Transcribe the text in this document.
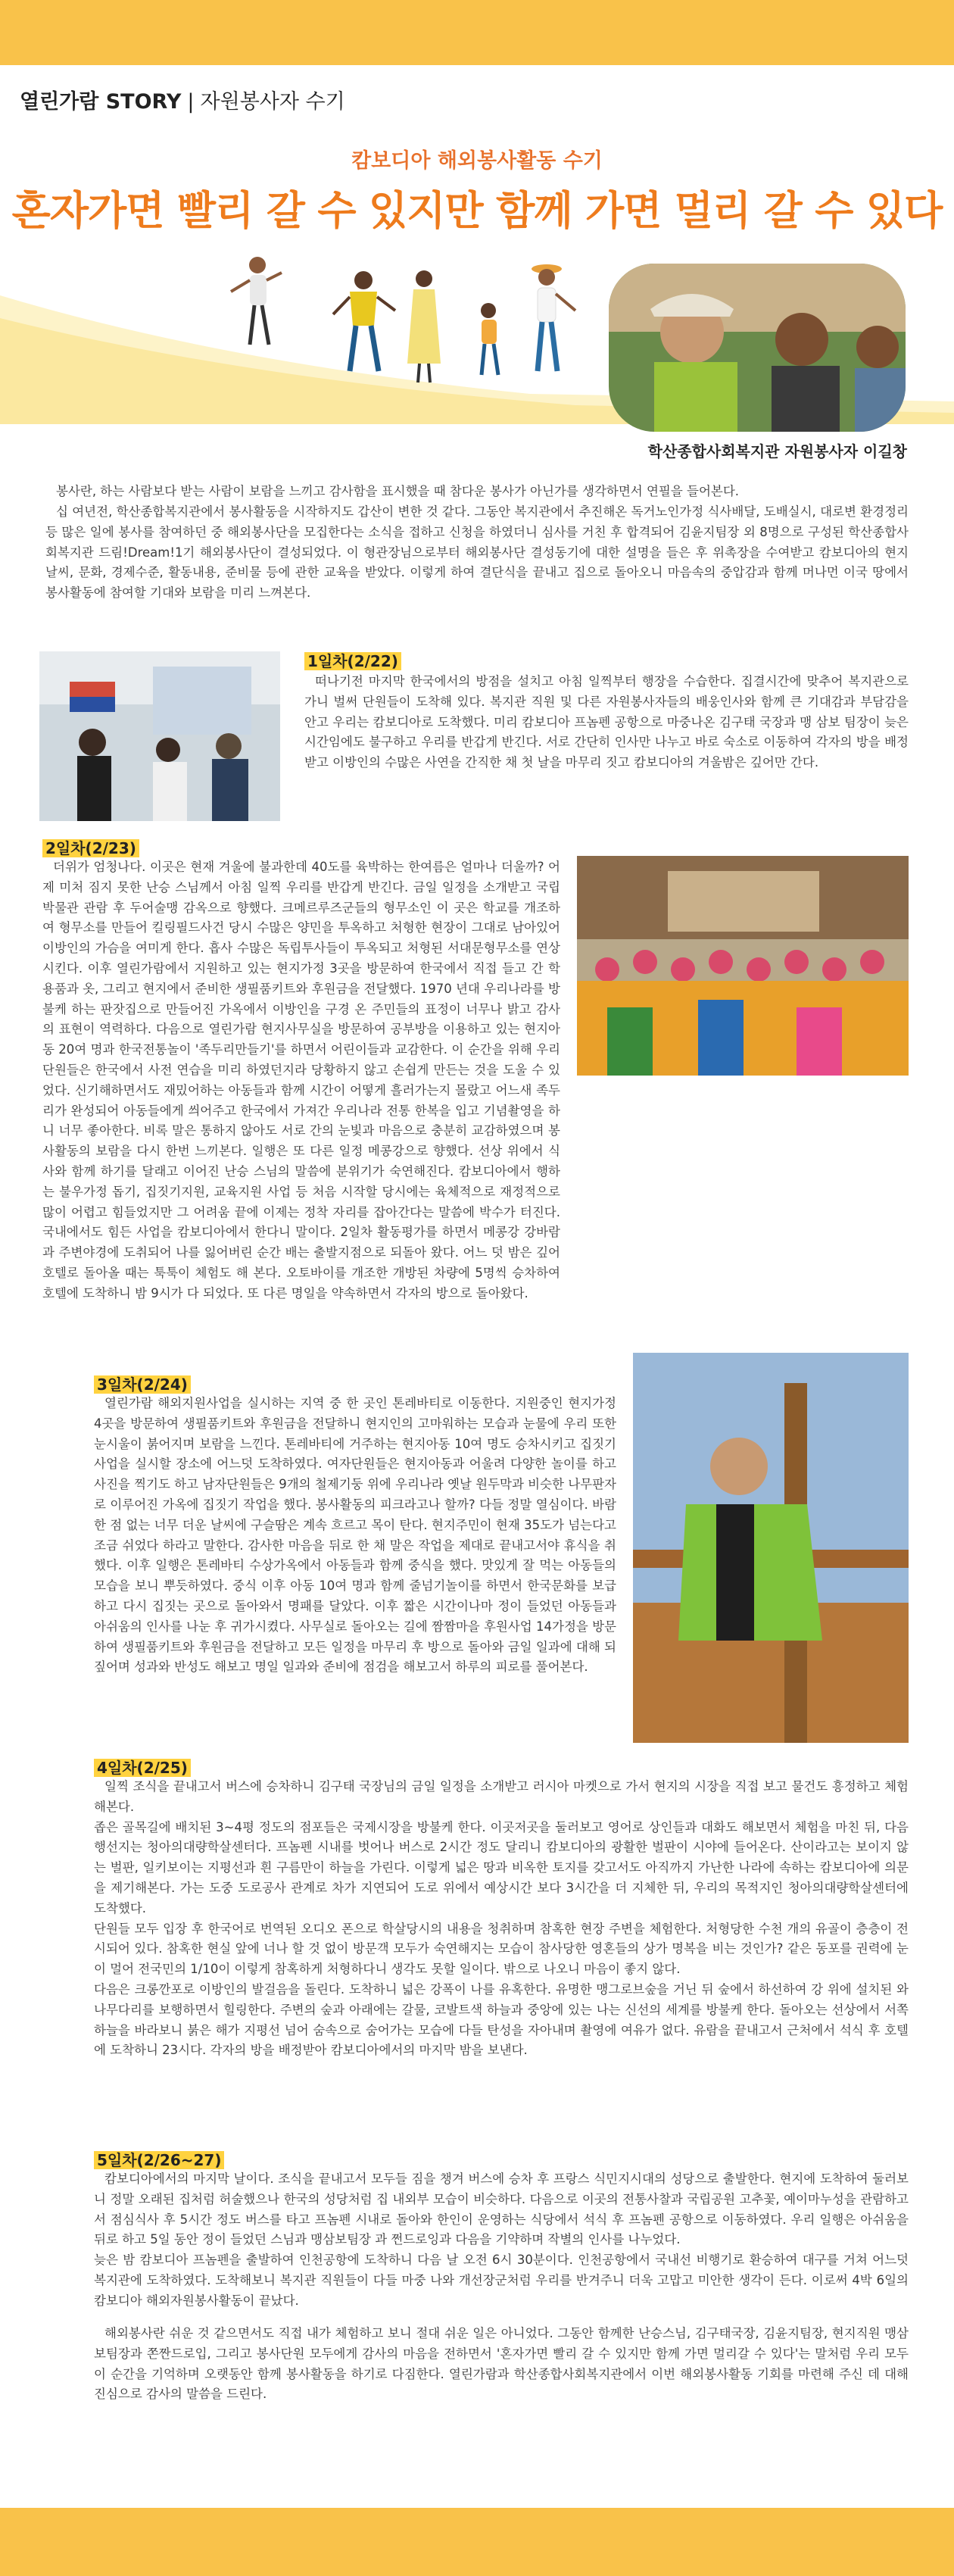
열린가람 STORY | 자원봉사자 수기
캄보디아 해외봉사활동 수기
혼자가면 빨리 갈 수 있지만 함께 가면 멀리 갈 수 있다
학산종합사회복지관 자원봉사자 이길창

봉사란, 하는 사람보다 받는 사람이 보람을 느끼고 감사함을 표시했을 때 참다운 봉사가 아닌가를 생각하면서 연필을 들어본다.

십 여년전, 학산종합복지관에서 봉사활동을 시작하지도 갑산이 변한 것 같다. 그동안 복지관에서 추진해온 독거노인가정 식사배달, 도배실시, 대로변 환경정리 등 많은 일에 봉사를 참여하던 중 해외봉사단을 모집한다는 소식을 접하고 신청을 하였더니 심사를 거친 후 합격되어 김윤지팀장 외 8명으로 구성된 학산종합사회복지관 드림!Dream!1기 해외봉사단이 결성되었다. 이 형관장님으로부터 해외봉사단 결성동기에 대한 설명을 들은 후 위촉장을 수여받고 캄보디아의 현지 날씨, 문화, 경제수준, 활동내용, 준비물 등에 관한 교육을 받았다. 이렇게 하여 결단식을 끝내고 집으로 돌아오니 마음속의 중압감과 함께 머나먼 이국 땅에서 봉사활동에 참여할 기대와 보람을 미리 느껴본다.

1일차(2/22)

떠나기전 마지막 한국에서의 방점을 설치고 아침 일찍부터 행장을 수습한다. 집결시간에 맞추어 복지관으로 가니 벌써 단원들이 도착해 있다. 복지관 직원 및 다른 자원봉사자들의 배웅인사와 함께 큰 기대감과 부담감을 안고 우리는 캄보디아로 도착했다. 미리 캄보디아 프놈펜 공항으로 마중나온 김구태 국장과 맹 삼보 팀장이 늦은 시간임에도 불구하고 우리를 반갑게 반긴다. 서로 간단히 인사만 나누고 바로 숙소로 이동하여 각자의 방을 배정받고 이방인의 수많은 사연을 간직한 채 첫 날을 마무리 짓고 캄보디아의 겨울밤은 깊어만 간다.

2일차(2/23)

더위가 엄청나다. 이곳은 현재 겨울에 불과한데 40도를 육박하는 한여름은 얼마나 더울까? 어제 미처 짐지 못한 난승 스님께서 아침 일찍 우리를 반갑게 반긴다. 금일 일정을 소개받고 국립박물관 관람 후 두어술맹 감옥으로 향했다. 크메르루즈군들의 형무소인 이 곳은 학교를 개조하여 형무소를 만들어 킬링필드사건 당시 수많은 양민을 투옥하고 처형한 현장이 그대로 남아있어 이방인의 가슴을 여미게 한다. 흡사 수많은 독립투사들이 투옥되고 처형된 서대문형무소를 연상시킨다. 이후 열린가람에서 지원하고 있는 현지가정 3곳을 방문하여 한국에서 직접 들고 간 학용품과 옷, 그리고 현지에서 준비한 생필품키트와 후원금을 전달했다. 1970 년대 우리나라를 방불케 하는 판잣집으로 만들어진 가옥에서 이방인을 구경 온 주민들의 표정이 너무나 밝고 감사의 표현이 역력하다. 다음으로 열린가람 현지사무실을 방문하여 공부방을 이용하고 있는 현지아동 20여 명과 한국전통놀이 '족두리만들기'를 하면서 어린이들과 교감한다. 이 순간을 위해 우리 단원들은 한국에서 사전 연습을 미리 하였던지라 당황하지 않고 손쉽게 만든는 것을 도울 수 있었다. 신기해하면서도 재밌어하는 아동들과 함께 시간이 어떻게 흘러가는지 몰랐고 어느새 족두리가 완성되어 아동들에게 씌어주고 한국에서 가져간 우리나라 전통 한복을 입고 기념촬영을 하니 너무 좋아한다. 비록 말은 통하지 않아도 서로 간의 눈빛과 마음으로 충분히 교감하였으며 봉사활동의 보람을 다시 한번 느끼본다. 일행은 또 다른 일정 메콩강으로 향했다. 선상 위에서 식사와 함께 하기를 달래고 이어진 난승 스님의 말씀에 분위기가 숙연해진다. 캄보디아에서 행하는 불우가정 돕기, 집짓기지원, 교육지원 사업 등 처음 시작할 당시에는 육체적으로 재정적으로 많이 어렵고 힘들었지만 그 어려움 끝에 이제는 정착 자리를 잡아간다는 말씀에 박수가 터진다. 국내에서도 힘든 사업을 캄보디아에서 한다니 말이다. 2일차 활동평가를 하면서 메콩강 강바람과 주변야경에 도취되어 나를 잃어버린 순간 배는 출발지점으로 되돌아 왔다. 어느 덧 밤은 깊어 호텔로 돌아올 때는 툭툭이 체험도 해 본다. 오토바이를 개조한 개방된 차량에 5명씩 승차하여 호텔에 도착하니 밤 9시가 다 되었다. 또 다른 명일을 약속하면서 각자의 방으로 돌아왔다.

3일차(2/24)

열린가람 해외지원사업을 실시하는 지역 중 한 곳인 톤레바티로 이동한다. 지원중인 현지가정 4곳을 방문하여 생필품키트와 후원금을 전달하니 현지인의 고마워하는 모습과 눈물에 우리 또한 눈시울이 붉어지며 보람을 느낀다. 톤레바티에 거주하는 현지아동 10여 명도 승차시키고 집짓기사업을 실시할 장소에 어느덧 도착하였다. 여자단원들은 현지아동과 어울려 다양한 놀이를 하고 사진을 찍기도 하고 남자단원들은 9개의 철제기둥 위에 우리나라 옛날 원두막과 비슷한 나무판자로 이루어진 가옥에 집짓기 작업을 했다. 봉사활동의 피크라고나 할까? 다들 정말 열심이다. 바람 한 점 없는 너무 더운 날씨에 구슬땀은 계속 흐르고 목이 탄다. 현지주민이 현재 35도가 넘는다고 조금 쉬었다 하라고 말한다. 감사한 마음을 뒤로 한 채 말은 작업을 제대로 끝내고서야 휴식을 취했다. 이후 일행은 톤레바티 수상가옥에서 아동들과 함께 중식을 했다. 맛있게 잘 먹는 아동들의 모습을 보니 뿌듯하였다. 중식 이후 아동 10여 명과 함께 줄넘기놀이를 하면서 한국문화를 보급하고 다시 집짓는 곳으로 돌아와서 명패를 달았다. 이후 짧은 시간이나마 정이 들었던 아동들과 아쉬움의 인사를 나눈 후 귀가시켰다. 사무실로 돌아오는 길에 짬짬마을 후원사업 14가정을 방문하여 생필품키트와 후원금을 전달하고 모든 일정을 마무리 후 방으로 돌아와 금일 일과에 대해 되짚어며 성과와 반성도 해보고 명일 일과와 준비에 점검을 해보고서 하루의 피로를 풀어본다.

4일차(2/25)

일찍 조식을 끝내고서 버스에 승차하니 김구태 국장님의 금일 일정을 소개받고 러시아 마켓으로 가서 현지의 시장을 직접 보고 물건도 흥정하고 체험해본다.
좁은 골목길에 배치된 3~4평 정도의 점포들은 국제시장을 방불케 한다. 이곳저곳을 둘러보고 영어로 상인들과 대화도 해보면서 체험을 마친 뒤, 다음 행선지는 청아의대량학살센터다. 프놈펜 시내를 벗어나 버스로 2시간 정도 달리니 캄보디아의 광활한 벌판이 시야에 들어온다. 산이라고는 보이지 않는 벌판, 일키보이는 지평선과 흰 구름만이 하늘을 가린다. 이렇게 넓은 땅과 비옥한 토지를 갖고서도 아직까지 가난한 나라에 속하는 캄보디아에 의문을 제기해본다. 가는 도중 도로공사 관계로 차가 지연되어 도로 위에서 예상시간 보다 3시간을 더 지체한 뒤, 우리의 목적지인 청아의대량학살센터에 도착했다.
단원들 모두 입장 후 한국어로 번역된 오디오 폰으로 학살당시의 내용을 청취하며 참혹한 현장 주변을 체험한다. 처형당한 수천 개의 유골이 층층이 전시되어 있다. 참혹한 현실 앞에 너나 할 것 없이 방문객 모두가 숙연해지는 모습이 참사당한 영혼들의 상가 명복을 비는 것인가? 같은 동포를 권력에 눈이 멀어 전국민의 1/10이 이렇게 참혹하게 처형하다니 생각도 못할 일이다. 밖으로 나오니 마음이 좋지 않다.
다음은 크롱깐포로 이방인의 발걸음을 돌린다. 도착하니 넓은 강폭이 나를 유혹한다. 유명한 맹그로브숲을 거닌 뒤 숲에서 하선하여 강 위에 설치된 와나무다리를 보행하면서 힐링한다. 주변의 숲과 아래에는 갈물, 코발트색 하늘과 중앙에 있는 나는 신선의 세계를 방불케 한다. 돌아오는 선상에서 서쪽하늘을 바라보니 붉은 해가 지평선 넘어 숨속으로 숨어가는 모습에 다들 탄성을 자아내며 촬영에 여유가 없다. 유람을 끝내고서 근처에서 석식 후 호텔에 도착하니 23시다. 각자의 방을 배정받아 캄보디아에서의 마지막 밤을 보낸다.

5일차(2/26~27)

캄보디아에서의 마지막 날이다. 조식을 끝내고서 모두들 짐을 챙겨 버스에 승차 후 프랑스 식민지시대의 성당으로 출발한다. 현지에 도착하여 둘러보니 정말 오래된 집처럼 허술했으나 한국의 성당처럼 집 내외부 모습이 비슷하다. 다음으로 이곳의 전통사찰과 국립공원 고추꽃, 예이마누성을 관람하고서 점심식사 후 5시간 정도 버스를 타고 프놈펜 시내로 돌아와 한인이 운영하는 식당에서 석식 후 프놈펜 공항으로 이동하였다. 우리 일행은 아쉬움을 뒤로 하고 5일 동안 정이 들었던 스님과 맹삼보팀장 과 쩐드로잉과 다음을 기약하며 작별의 인사를 나누었다.
늦은 밤 캄보디아 프놈펜을 출발하여 인천공항에 도착하니 다음 날 오전 6시 30분이다. 인천공항에서 국내선 비행기로 환승하여 대구를 거쳐 어느덧 복지관에 도착하였다. 도착해보니 복지관 직원들이 다들 마중 나와 개선장군처럼 우리를 반겨주니 더욱 고맙고 미안한 생각이 든다. 이로써 4박 6일의 캄보디아 해외자원봉사활동이 끝났다.

해외봉사란 쉬운 것 같으면서도 직접 내가 체험하고 보니 절대 쉬운 일은 아니었다. 그동안 함께한 난승스님, 김구태국장, 김윤지팀장, 현지직원 맹삼보팀장과 쫀짠드로입, 그리고 봉사단원 모두에게 감사의 마음을 전하면서 '혼자가면 빨리 갈 수 있지만 함께 가면 멀리갈 수 있다'는 말처럼 우리 모두 이 순간을 기억하며 오랫동안 함께 봉사활동을 하기로 다짐한다. 열린가람과 학산종합사회복지관에서 이번 해외봉사활동 기회를 마련해 주신 데 대해 진심으로 감사의 말씀을 드린다.
